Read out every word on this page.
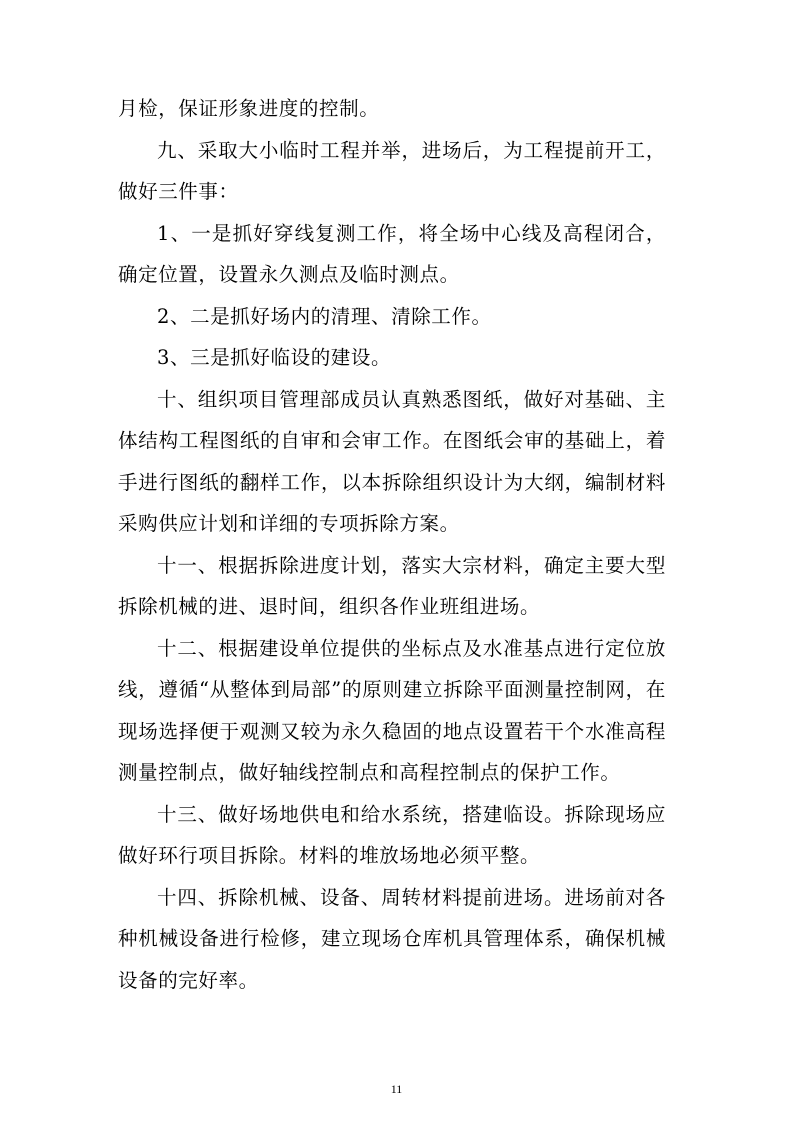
月检，保证形象进度的控制。

九、采取大小临时工程并举，进场后，为工程提前开工，做好三件事：

1、一是抓好穿线复测工作，将全场中心线及高程闭合，确定位置，设置永久测点及临时测点。

2、二是抓好场内的清理、清除工作。

3、三是抓好临设的建设。

十、组织项目管理部成员认真熟悉图纸，做好对基础、主体结构工程图纸的自审和会审工作。在图纸会审的基础上，着手进行图纸的翻样工作，以本拆除组织设计为大纲，编制材料采购供应计划和详细的专项拆除方案。

十一、根据拆除进度计划，落实大宗材料，确定主要大型拆除机械的进、退时间，组织各作业班组进场。

十二、根据建设单位提供的坐标点及水准基点进行定位放线，遵循“从整体到局部”的原则建立拆除平面测量控制网，在现场选择便于观测又较为永久稳固的地点设置若干个水准高程测量控制点，做好轴线控制点和高程控制点的保护工作。

十三、做好场地供电和给水系统，搭建临设。拆除现场应做好环行项目拆除。材料的堆放场地必须平整。

十四、拆除机械、设备、周转材料提前进场。进场前对各种机械设备进行检修，建立现场仓库机具管理体系，确保机械设备的完好率。

11
